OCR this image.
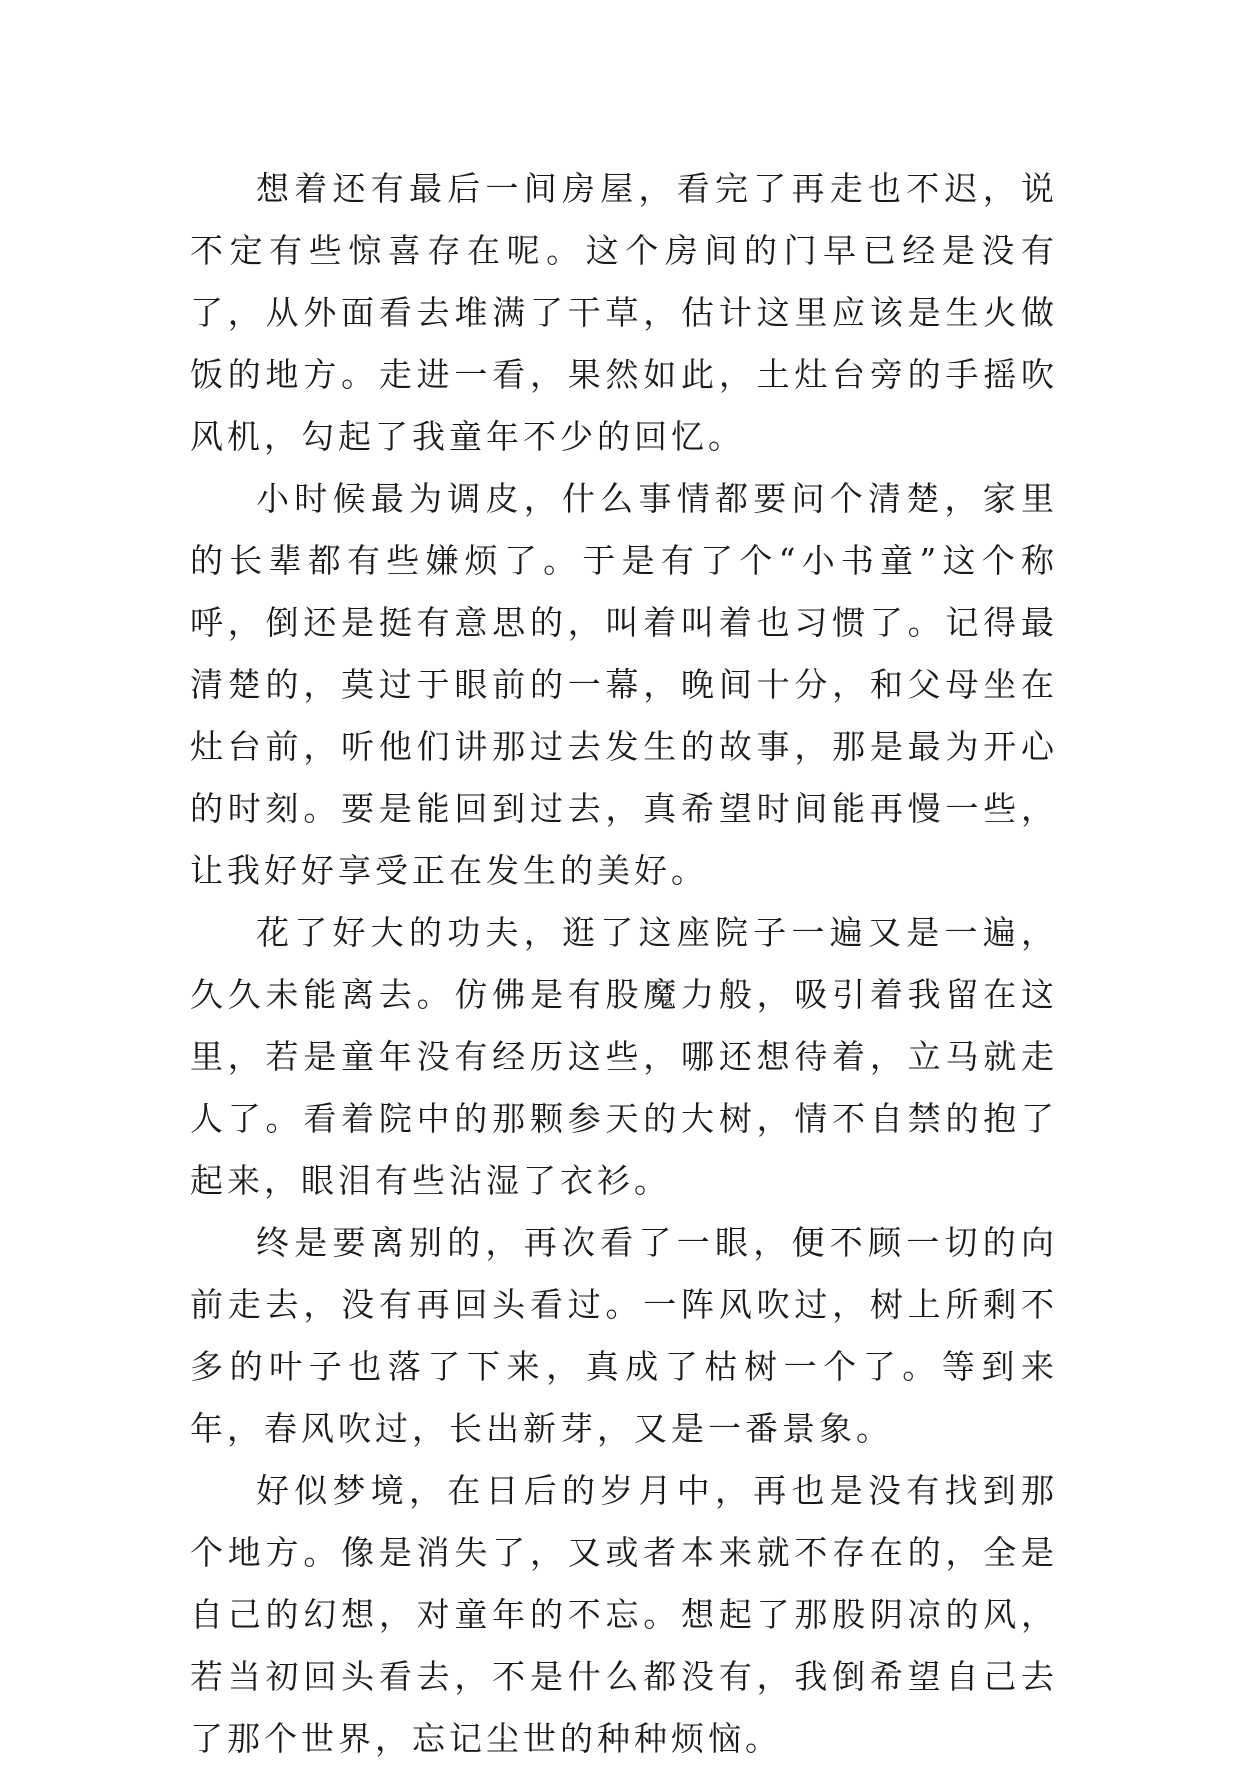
想着还有最后一间房屋，看完了再走也不迟，说不定有些惊喜存在呢。这个房间的门早已经是没有了，从外面看去堆满了干草，估计这里应该是生火做饭的地方。走进一看，果然如此，土灶台旁的手摇吹风机，勾起了我童年不少的回忆。

小时候最为调皮，什么事情都要问个清楚，家里的长辈都有些嫌烦了。于是有了个“小书童”这个称呼，倒还是挺有意思的，叫着叫着也习惯了。记得最清楚的，莫过于眼前的一幕，晚间十分，和父母坐在灶台前，听他们讲那过去发生的故事，那是最为开心的时刻。要是能回到过去，真希望时间能再慢一些，让我好好享受正在发生的美好。

花了好大的功夫，逛了这座院子一遍又是一遍，久久未能离去。仿佛是有股魔力般，吸引着我留在这里，若是童年没有经历这些，哪还想待着，立马就走人了。看着院中的那颗参天的大树，情不自禁的抱了起来，眼泪有些沾湿了衣衫。

终是要离别的，再次看了一眼，便不顾一切的向前走去，没有再回头看过。一阵风吹过，树上所剩不多的叶子也落了下来，真成了枯树一个了。等到来年，春风吹过，长出新芽，又是一番景象。

好似梦境，在日后的岁月中，再也是没有找到那个地方。像是消失了，又或者本来就不存在的，全是自己的幻想，对童年的不忘。想起了那股阴凉的风，若当初回头看去，不是什么都没有，我倒希望自己去了那个世界，忘记尘世的种种烦恼。
